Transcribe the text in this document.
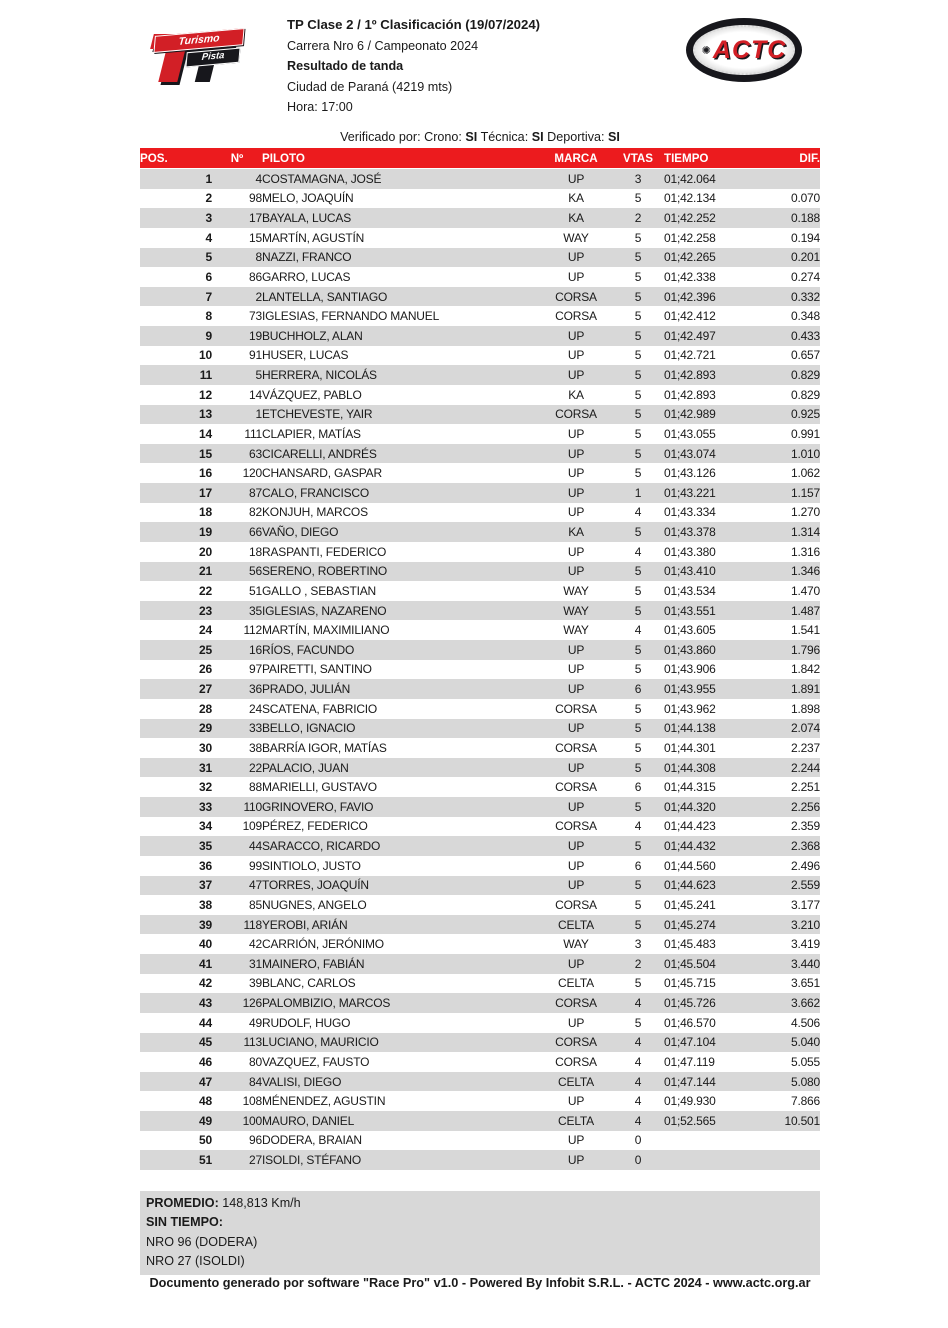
Turismo
Pista
TP Clase 2 / 1º Clasificación (19/07/2024)
Carrera Nro 6 / Campeonato 2024
Resultado de tanda
Ciudad de Paraná (4219 mts)
Hora: 17:00
✺ ACTC
Verificado por: Crono: SI Técnica: SI Deportiva: SI
POS.	Nº	PILOTO	MARCA	VTAS	TIEMPO	DIF.
1	4	COSTAMAGNA, JOSÉ	UP	3	01;42.064	
2	98	MELO, JOAQUÍN	KA	5	01;42.134	0.070
3	17	BAYALA, LUCAS	KA	2	01;42.252	0.188
4	15	MARTÍN, AGUSTÍN	WAY	5	01;42.258	0.194
5	8	NAZZI, FRANCO	UP	5	01;42.265	0.201
6	86	GARRO, LUCAS	UP	5	01;42.338	0.274
7	2	LANTELLA, SANTIAGO	CORSA	5	01;42.396	0.332
8	73	IGLESIAS, FERNANDO MANUEL	CORSA	5	01;42.412	0.348
9	19	BUCHHOLZ, ALAN	UP	5	01;42.497	0.433
10	91	HUSER, LUCAS	UP	5	01;42.721	0.657
11	5	HERRERA, NICOLÁS	UP	5	01;42.893	0.829
12	14	VÁZQUEZ, PABLO	KA	5	01;42.893	0.829
13	1	ETCHEVESTE, YAIR	CORSA	5	01;42.989	0.925
14	111	CLAPIER, MATÍAS	UP	5	01;43.055	0.991
15	63	CICARELLI, ANDRÉS	UP	5	01;43.074	1.010
16	120	CHANSARD, GASPAR	UP	5	01;43.126	1.062
17	87	CALO, FRANCISCO	UP	1	01;43.221	1.157
18	82	KONJUH, MARCOS	UP	4	01;43.334	1.270
19	66	VAÑO, DIEGO	KA	5	01;43.378	1.314
20	18	RASPANTI, FEDERICO	UP	4	01;43.380	1.316
21	56	SERENO, ROBERTINO	UP	5	01;43.410	1.346
22	51	GALLO , SEBASTIAN	WAY	5	01;43.534	1.470
23	35	IGLESIAS, NAZARENO	WAY	5	01;43.551	1.487
24	112	MARTÍN, MAXIMILIANO	WAY	4	01;43.605	1.541
25	16	RÍOS, FACUNDO	UP	5	01;43.860	1.796
26	97	PAIRETTI, SANTINO	UP	5	01;43.906	1.842
27	36	PRADO, JULIÁN	UP	6	01;43.955	1.891
28	24	SCATENA, FABRICIO	CORSA	5	01;43.962	1.898
29	33	BELLO, IGNACIO	UP	5	01;44.138	2.074
30	38	BARRÍA IGOR, MATÍAS	CORSA	5	01;44.301	2.237
31	22	PALACIO, JUAN	UP	5	01;44.308	2.244
32	88	MARIELLI, GUSTAVO	CORSA	6	01;44.315	2.251
33	110	GRINOVERO, FAVIO	UP	5	01;44.320	2.256
34	109	PÉREZ, FEDERICO	CORSA	4	01;44.423	2.359
35	44	SARACCO, RICARDO	UP	5	01;44.432	2.368
36	99	SINTIOLO, JUSTO	UP	6	01;44.560	2.496
37	47	TORRES, JOAQUÍN	UP	5	01;44.623	2.559
38	85	NUGNES, ANGELO	CORSA	5	01;45.241	3.177
39	118	YEROBI, ARIÁN	CELTA	5	01;45.274	3.210
40	42	CARRIÓN, JERÓNIMO	WAY	3	01;45.483	3.419
41	31	MAINERO, FABIÁN	UP	2	01;45.504	3.440
42	39	BLANC, CARLOS	CELTA	5	01;45.715	3.651
43	126	PALOMBIZIO, MARCOS	CORSA	4	01;45.726	3.662
44	49	RUDOLF, HUGO	UP	5	01;46.570	4.506
45	113	LUCIANO, MAURICIO	CORSA	4	01;47.104	5.040
46	80	VAZQUEZ, FAUSTO	CORSA	4	01;47.119	5.055
47	84	VALISI, DIEGO	CELTA	4	01;47.144	5.080
48	108	MÉNENDEZ, AGUSTIN	UP	4	01;49.930	7.866
49	100	MAURO, DANIEL	CELTA	4	01;52.565	10.501
50	96	DODERA, BRAIAN	UP	0		
51	27	ISOLDI, STÉFANO	UP	0		
PROMEDIO: 148,813 Km/h
SIN TIEMPO:
NRO 96 (DODERA)
NRO 27 (ISOLDI)
Documento generado por software "Race Pro" v1.0 - Powered By Infobit S.R.L. - ACTC 2024 - www.actc.org.ar
